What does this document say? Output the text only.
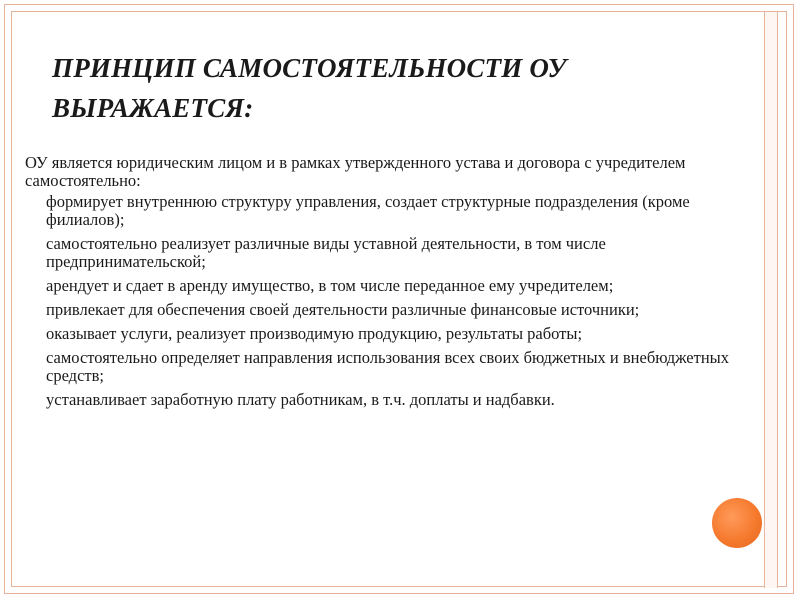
ПРИНЦИП САМОСТОЯТЕЛЬНОСТИ ОУ
ВЫРАЖАЕТСЯ:

ОУ является юридическим лицом и в рамках утвержденного устава и договора с учредителем самостоятельно:

формирует внутреннюю структуру управления, создает структурные подразделения (кроме филиалов);
самостоятельно реализует различные виды уставной деятельности, в том числе предпринимательской;
арендует и сдает в аренду имущество, в том числе переданное ему учредителем;
привлекает для обеспечения своей деятельности различные финансовые источники;
оказывает услуги, реализует производимую продукцию, результаты работы;
самостоятельно определяет направления использования всех своих бюджетных и внебюджетных средств;
устанавливает заработную плату работникам, в т.ч. доплаты и надбавки.
